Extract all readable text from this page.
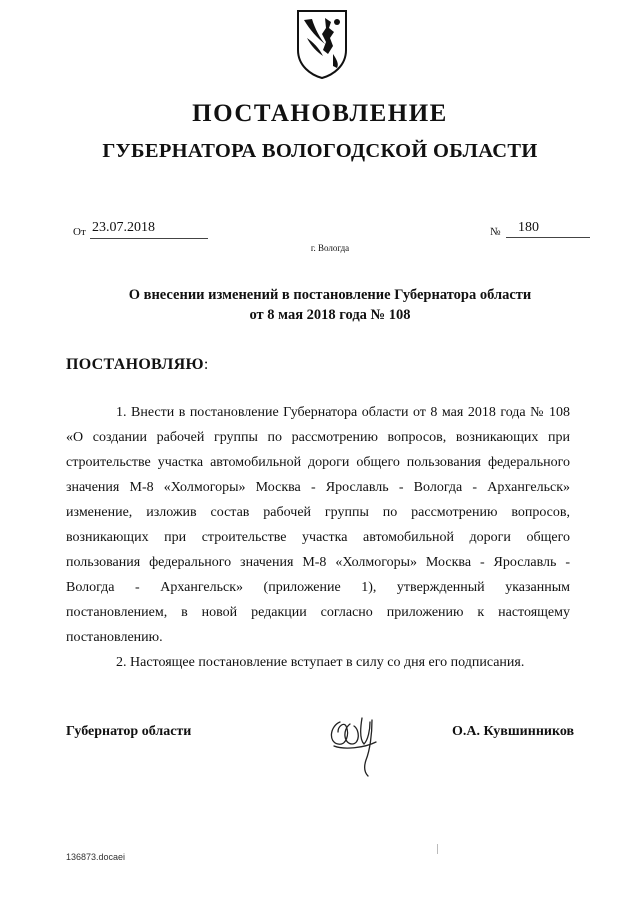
ПОСТАНОВЛЕНИЕ
ГУБЕРНАТОРА ВОЛОГОДСКОЙ ОБЛАСТИ
От 23.07.2018	№	180
г. Вологда
О внесении изменений в постановление Губернатора области
от 8 мая 2018 года № 108
ПОСТАНОВЛЯЮ:

1. Внести в постановление Губернатора области от 8 мая 2018 года № 108 «О создании рабочей группы по рассмотрению вопросов, возникающих при строительстве участка автомобильной дороги общего пользования федерального значения М-8 «Холмогоры» Москва - Ярославль - Вологда - Архангельск» изменение, изложив состав рабочей группы по рассмотрению вопросов, возникающих при строительстве участка автомобильной дороги общего пользования федерального значения М-8 «Холмогоры» Москва - Ярославль - Вологда - Архангельск» (приложение 1), утвержденный указанным постановлением, в новой редакции согласно приложению к настоящему постановлению.

2. Настоящее постановление вступает в силу со дня его подписания.

Губернатор области	О.А. Кувшинников
136873.docaei
